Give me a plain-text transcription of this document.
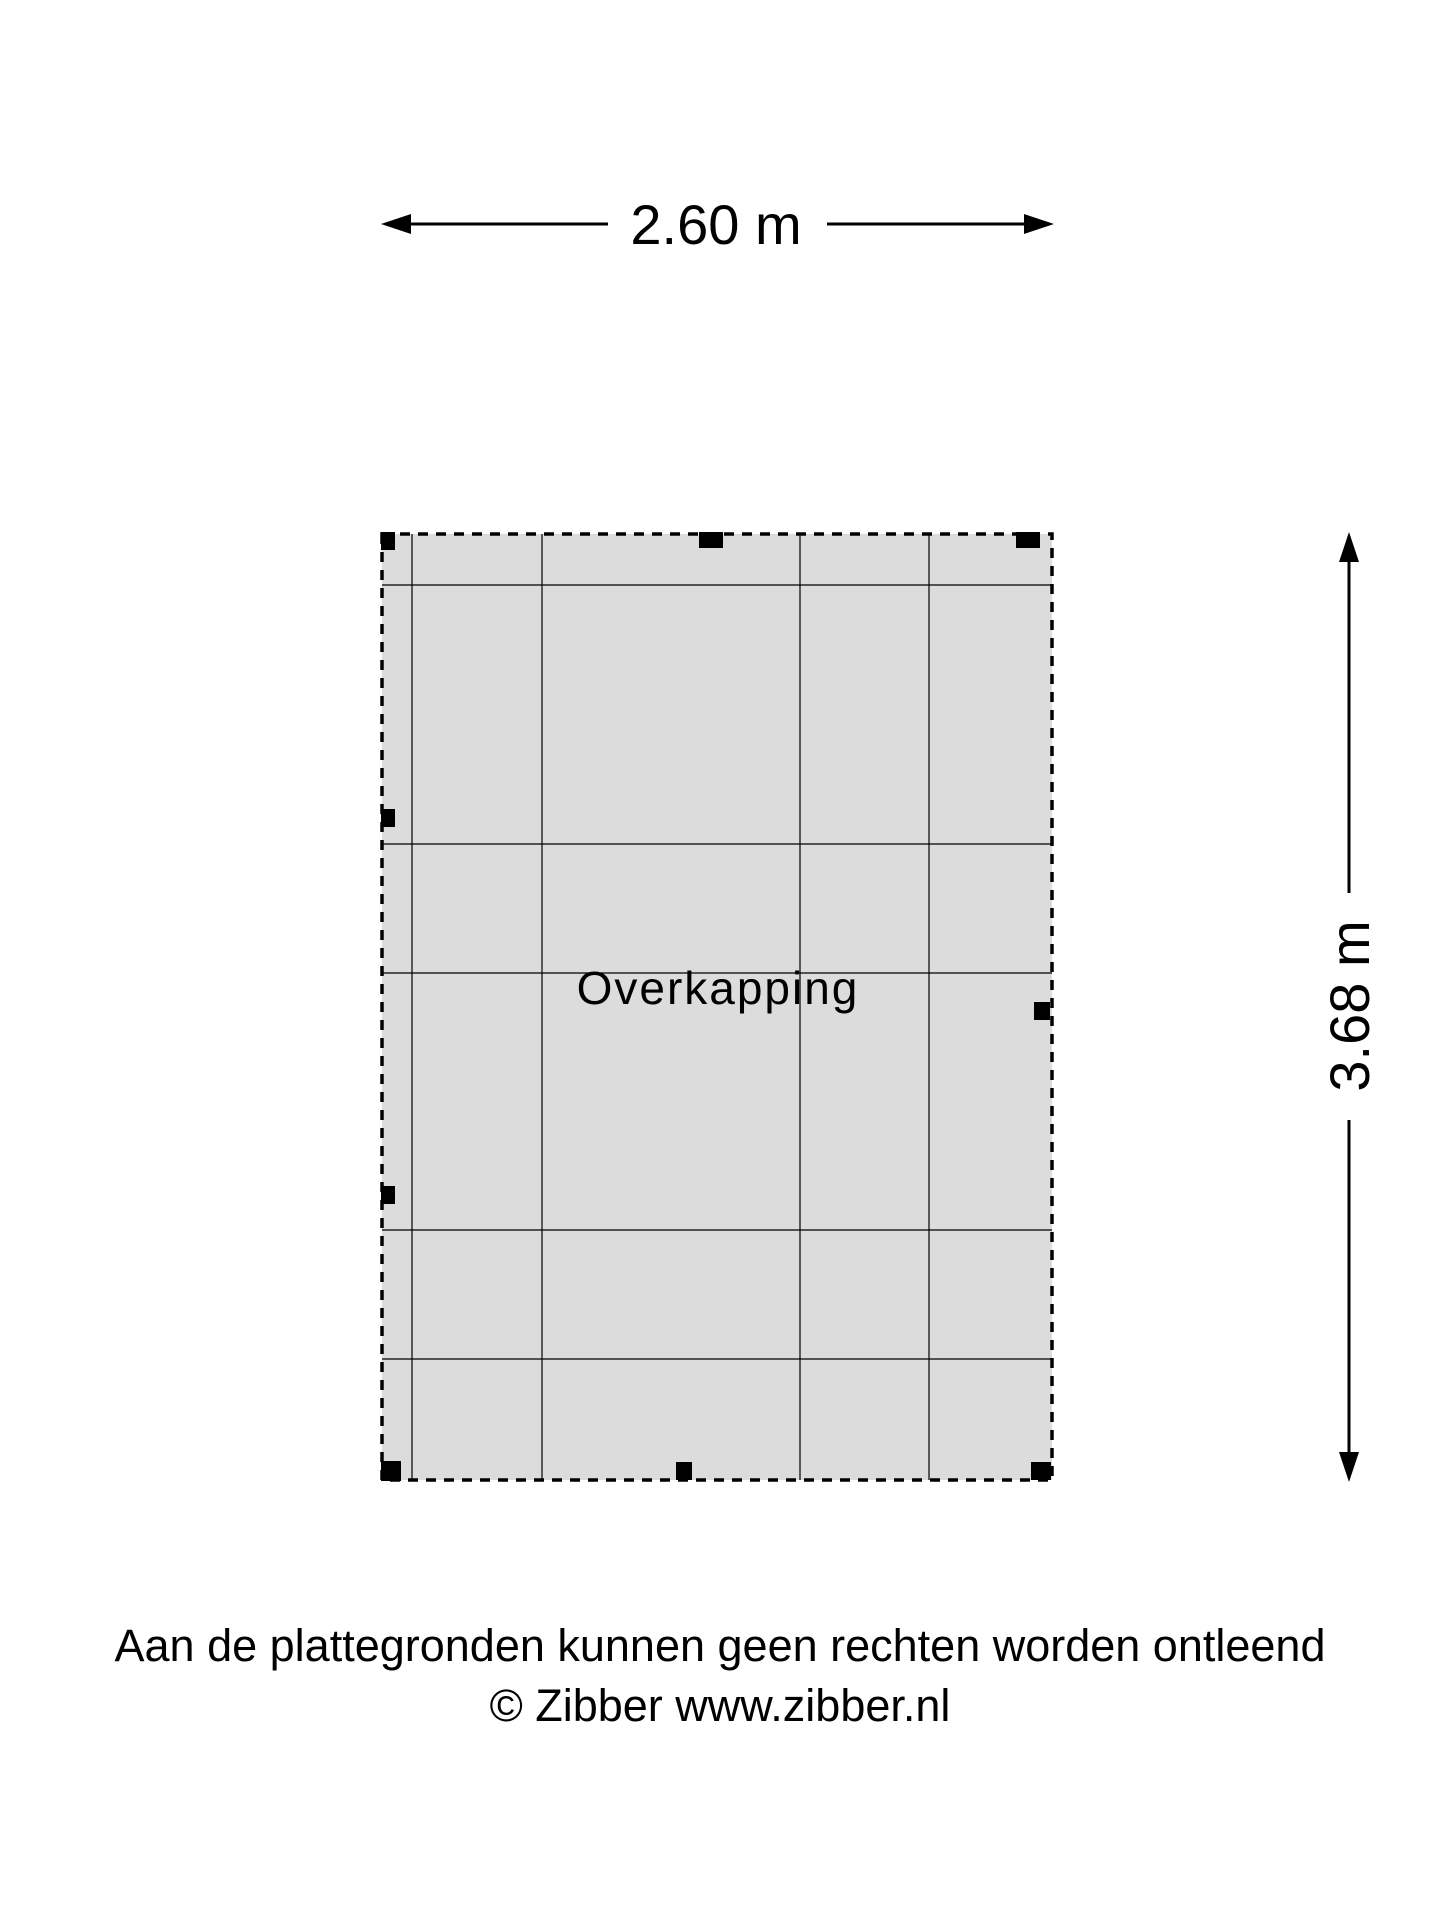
2.60 m
3.68 m
Overkapping
Aan de plattegronden kunnen geen rechten worden ontleend
© Zibber www.zibber.nl
